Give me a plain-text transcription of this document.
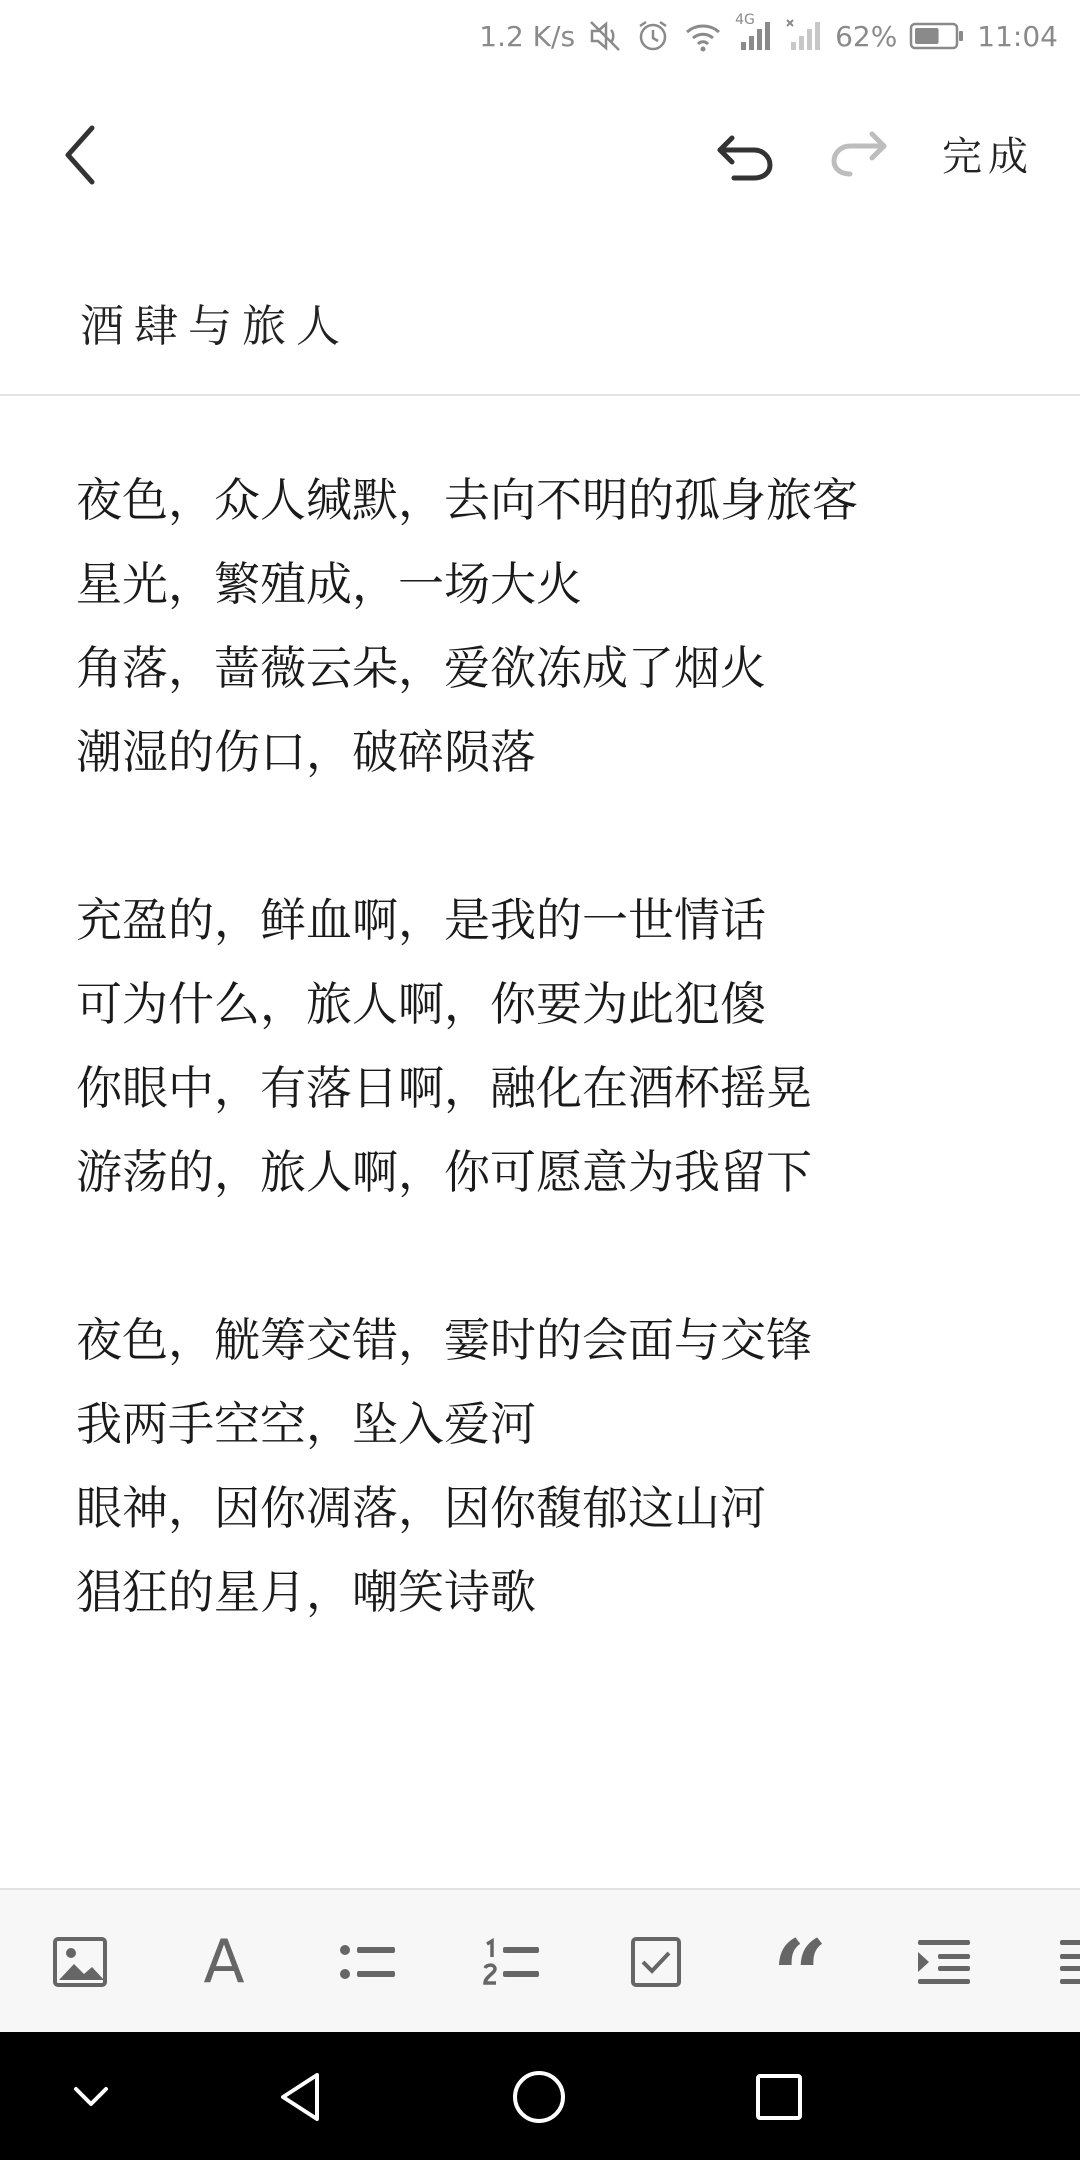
1.2 K/s	4G	62%	11:04
完成
酒肆与旅人
夜色，众人缄默，去向不明的孤身旅客
星光，繁殖成，一场大火
角落，蔷薇云朵，爱欲冻成了烟火
潮湿的伤口，破碎陨落
充盈的，鲜血啊，是我的一世情话
可为什么，旅人啊，你要为此犯傻
你眼中，有落日啊，融化在酒杯摇晃
游荡的，旅人啊，你可愿意为我留下
夜色，觥筹交错，霎时的会面与交锋
我两手空空，坠入爱河
眼神，因你凋落，因你馥郁这山河
猖狂的星月，嘲笑诗歌
A	“
